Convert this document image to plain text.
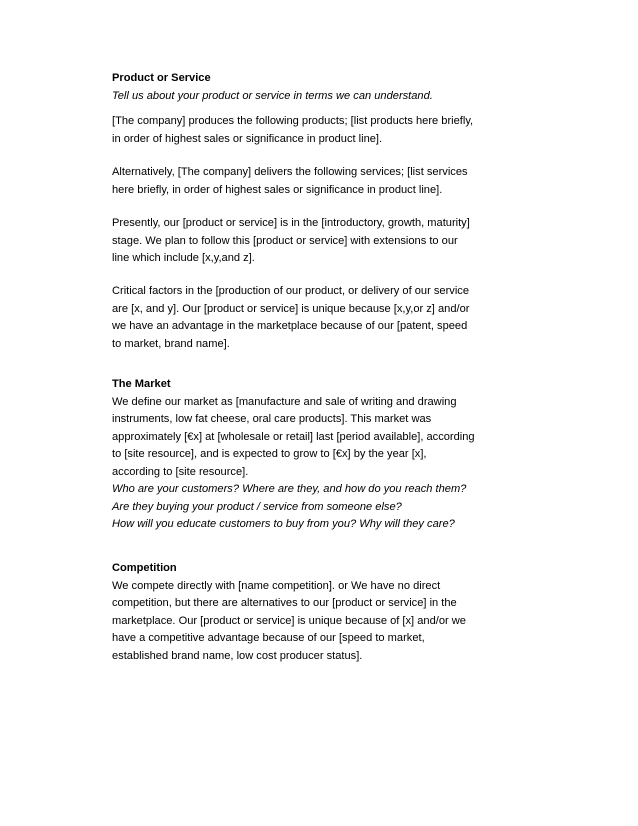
Product or Service
Tell us about your product or service in terms we can understand.
[The company] produces the following products; [list products here briefly,
in order of highest sales or significance in product line].
Alternatively, [The company] delivers the following services; [list services
here briefly, in order of highest sales or significance in product line].
Presently, our [product or service] is in the [introductory, growth, maturity]
stage. We plan to follow this [product or service] with extensions to our
line which include [x,y,and z].
Critical factors in the [production of our product, or delivery of our service
are [x, and y]. Our [product or service] is unique because [x,y,or z] and/or
we have an advantage in the marketplace because of our [patent, speed
to market, brand name].
The Market
We define our market as [manufacture and sale of writing and drawing
instruments, low fat cheese, oral care products]. This market was
approximately [€x] at [wholesale or retail] last [period available], according
to [site resource], and is expected to grow to [€x] by the year [x],
according to [site resource].
Who are your customers? Where are they, and how do you reach them?
Are they buying your product / service from someone else?
How will you educate customers to buy from you? Why will they care?
Competition
We compete directly with [name competition]. or We have no direct
competition, but there are alternatives to our [product or service] in the
marketplace. Our [product or service] is unique because of [x] and/or we
have a competitive advantage because of our [speed to market,
established brand name, low cost producer status].
